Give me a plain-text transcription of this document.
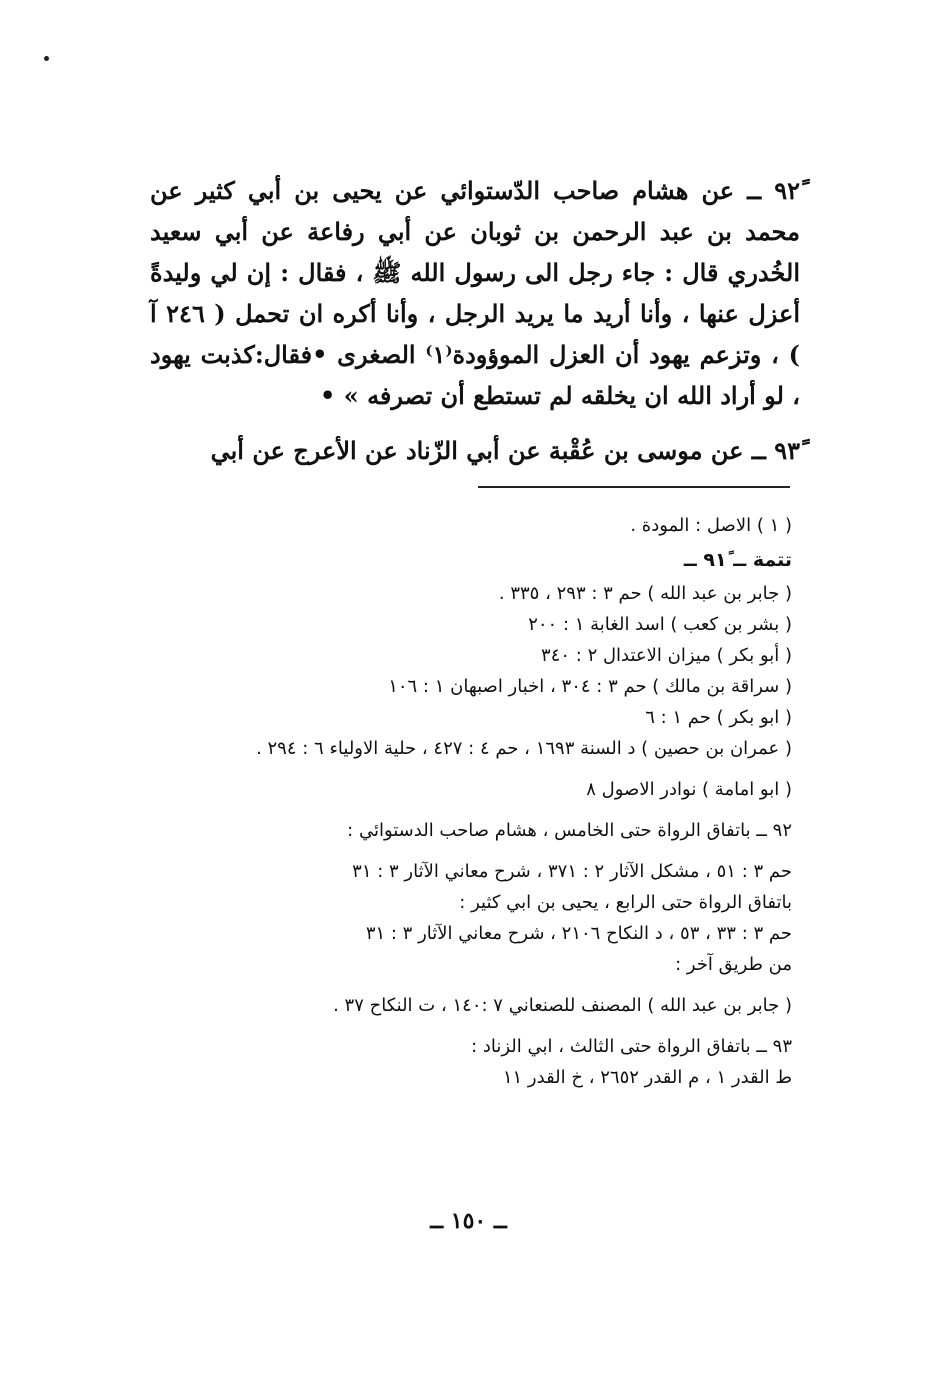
٩٢ً ــ عن هشام صاحب الدّستوائي عن يحيى بن أبي كثير عن محمد بن عبد الرحمن بن ثوبان عن أبي رفاعة عن أبي سعيد الخُدري قال : جاء رجل الى رسول الله ﷺ ، فقال : إن لي وليدةً أعزل عنها ، وأنا أريد ما يريد الرجل ، وأنا أكره ان تحمل ( ٢٤٦ آ ) ، وتزعم يهود أن العزل الموؤودة⁽١⁾ الصغرى •فقال:كذبت يهود ، لو أراد الله ان يخلقه لم تستطع أن تصرفه » •

٩٣ً ــ عن موسى بن عُقْبة عن أبي الزّناد عن الأعرج عن أبي

( ١ ) الاصل : المودة .
تتمة ــ ٩١ً ــ
( جابر بن عبد الله ) حم ٣ : ٢٩٣ ، ٣٣٥ .
( بشر بن كعب ) اسد الغابة ١ : ٢٠٠
( أبو بكر ) ميزان الاعتدال ٢ : ٣٤٠
( سراقة بن مالك ) حم ٣ : ٣٠٤ ، اخبار اصبهان ١ : ١٠٦
( ابو بكر ) حم ١ : ٦
( عمران بن حصين ) د السنة ١٦٩٣ ، حم ٤ : ٤٢٧ ، حلية الاولياء ٦ : ٢٩٤ .
( ابو امامة ) نوادر الاصول ٨
٩٢ ــ باتفاق الرواة حتى الخامس ، هشام صاحب الدستوائي :
حم ٣ : ٥١ ، مشكل الآثار ٢ : ٣٧١ ، شرح معاني الآثار ٣ : ٣١
باتفاق الرواة حتى الرابع ، يحيى بن ابي كثير :
حم ٣ : ٣٣ ، ٥٣ ، د النكاح ٢١٠٦ ، شرح معاني الآثار ٣ : ٣١
من طريق آخر :
( جابر بن عبد الله ) المصنف للصنعاني ٧ :١٤٠ ، ت النكاح ٣٧ .
٩٣ ــ باتفاق الرواة حتى الثالث ، ابي الزناد :
ط القدر ١ ، م القدر ٢٦٥٢ ، خ القدر ١١
ــ ١٥٠ ــ
